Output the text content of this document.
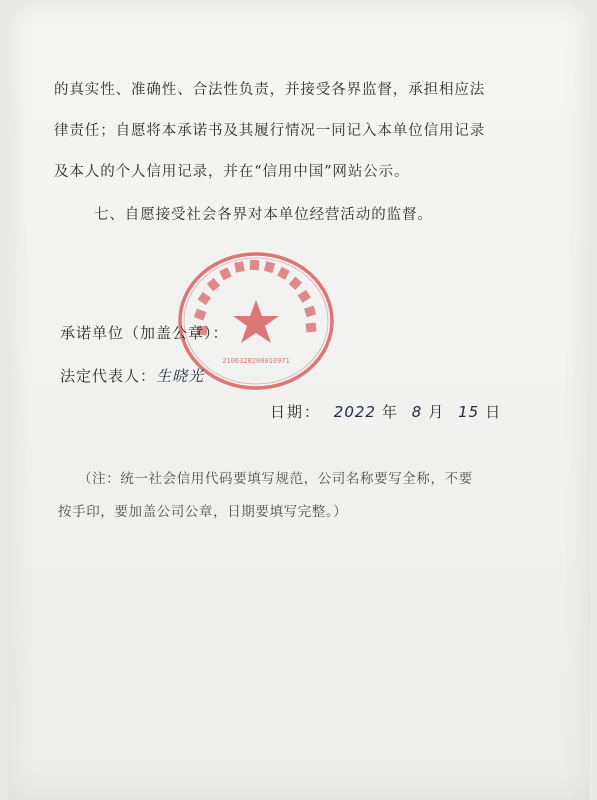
的真实性、准确性、合法性负责，并接受各界监督，承担相应法
律责任；自愿将本承诺书及其履行情况一同记入本单位信用记录
及本人的个人信用记录，并在“信用中国”网站公示。
七、自愿接受社会各界对本单位经营活动的监督。
2106320200010971
承诺单位（加盖公章）：
法定代表人：生晓光
日期： 2022 年 8 月 15 日
（注：统一社会信用代码要填写规范，公司名称要写全称，不要
按手印，要加盖公司公章，日期要填写完整。）
